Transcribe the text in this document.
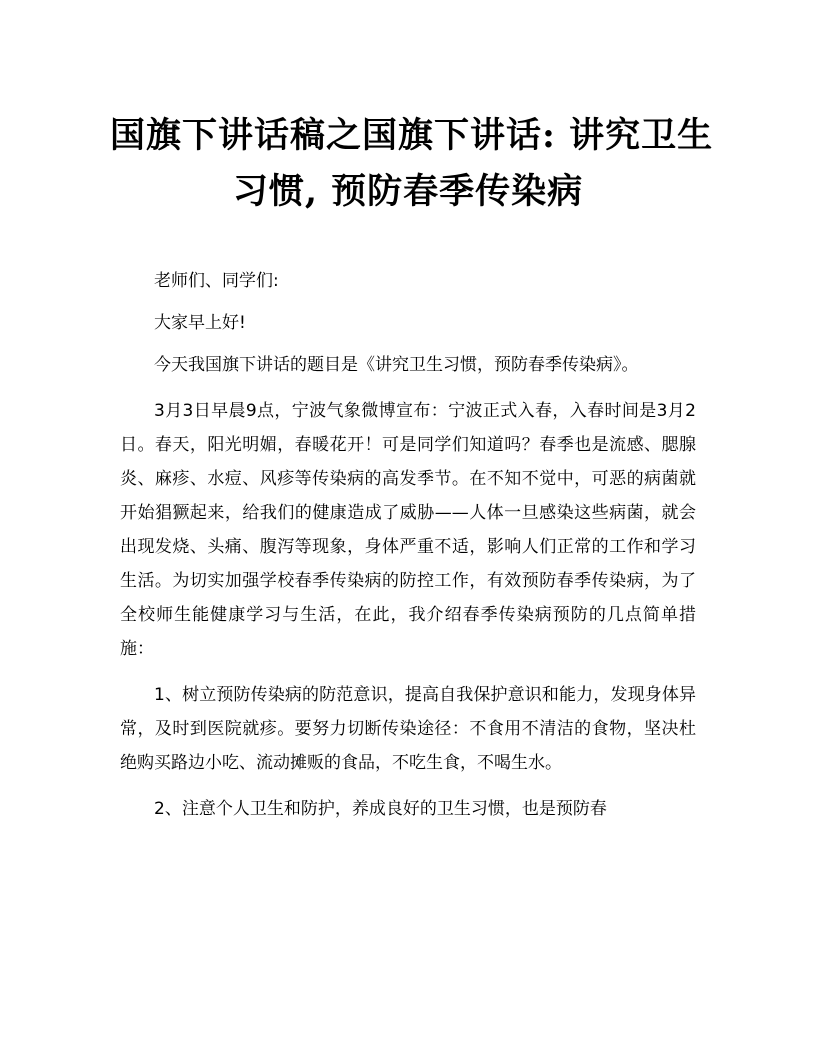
国旗下讲话稿之国旗下讲话: 讲究卫生
习惯, 预防春季传染病

老师们、同学们:

大家早上好!

今天我国旗下讲话的题目是《讲究卫生习惯，预防春季传染病》。

3月3日早晨9点，宁波气象微博宣布：宁波正式入春，入春时间是3月2日。春天，阳光明媚，春暖花开！可是同学们知道吗？春季也是流感、腮腺炎、麻疹、水痘、风疹等传染病的高发季节。在不知不觉中，可恶的病菌就开始猖獗起来，给我们的健康造成了威胁——人体一旦感染这些病菌，就会出现发烧、头痛、腹泻等现象，身体严重不适，影响人们正常的工作和学习生活。为切实加强学校春季传染病的防控工作，有效预防春季传染病，为了全校师生能健康学习与生活，在此，我介绍春季传染病预防的几点简单措施：

1、树立预防传染病的防范意识，提高自我保护意识和能力，发现身体异常，及时到医院就疹。要努力切断传染途径：不食用不清洁的食物，坚决杜绝购买路边小吃、流动摊贩的食品，不吃生食，不喝生水。

2、注意个人卫生和防护，养成良好的卫生习惯，也是预防春
